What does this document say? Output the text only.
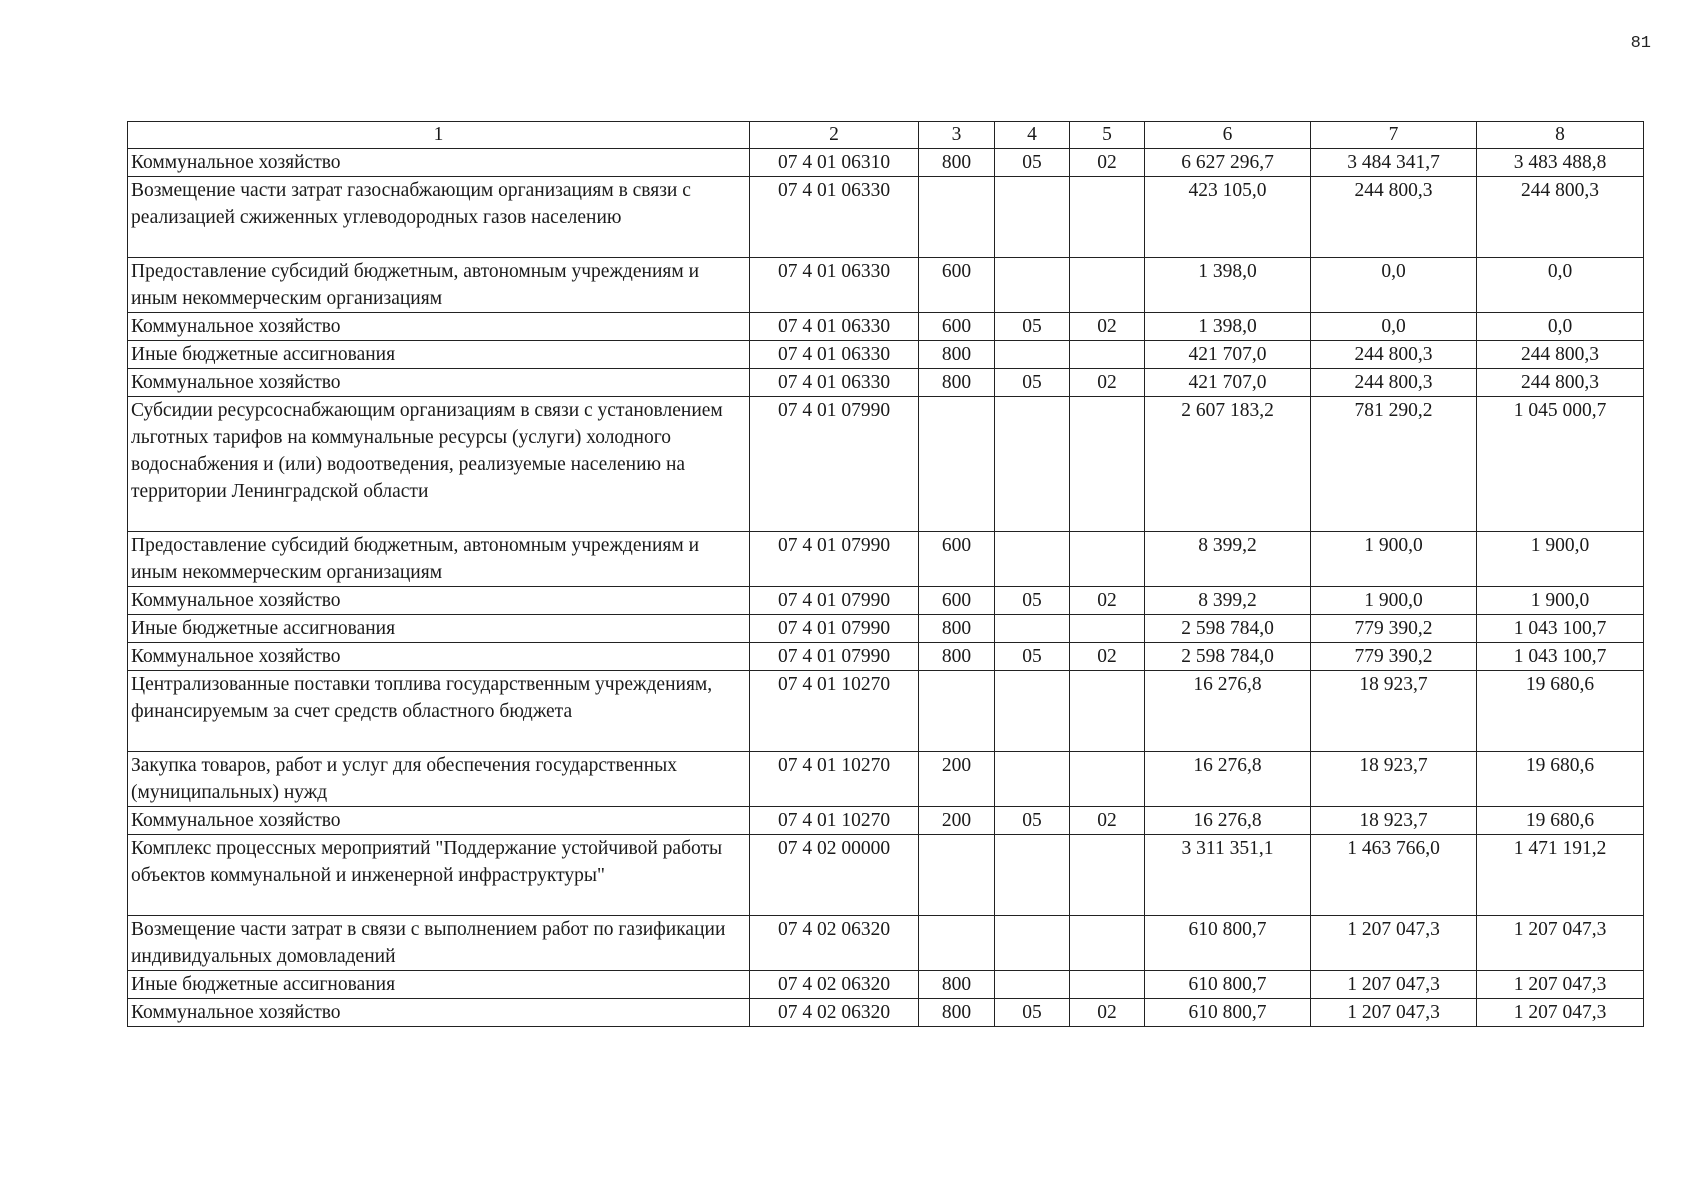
81
1	2	3	4	5	6	7	8
Коммунальное хозяйство	07 4 01 06310	800	05	02	6 627 296,7	3 484 341,7	3 483 488,8
Возмещение части затрат газоснабжающим организациям в связи с реализацией сжиженных углеводородных газов населению	07 4 01 06330				423 105,0	244 800,3	244 800,3
Предоставление субсидий бюджетным, автономным учреждениям и иным некоммерческим организациям	07 4 01 06330	600			1 398,0	0,0	0,0
Коммунальное хозяйство	07 4 01 06330	600	05	02	1 398,0	0,0	0,0
Иные бюджетные ассигнования	07 4 01 06330	800			421 707,0	244 800,3	244 800,3
Коммунальное хозяйство	07 4 01 06330	800	05	02	421 707,0	244 800,3	244 800,3
Субсидии ресурсоснабжающим организациям в связи с установлением льготных тарифов на коммунальные ресурсы (услуги) холодного водоснабжения и (или) водоотведения, реализуемые населению на территории Ленинградской области	07 4 01 07990				2 607 183,2	781 290,2	1 045 000,7
Предоставление субсидий бюджетным, автономным учреждениям и иным некоммерческим организациям	07 4 01 07990	600			8 399,2	1 900,0	1 900,0
Коммунальное хозяйство	07 4 01 07990	600	05	02	8 399,2	1 900,0	1 900,0
Иные бюджетные ассигнования	07 4 01 07990	800			2 598 784,0	779 390,2	1 043 100,7
Коммунальное хозяйство	07 4 01 07990	800	05	02	2 598 784,0	779 390,2	1 043 100,7
Централизованные поставки топлива государственным учреждениям, финансируемым за счет средств областного бюджета	07 4 01 10270				16 276,8	18 923,7	19 680,6
Закупка товаров, работ и услуг для обеспечения государственных (муниципальных) нужд	07 4 01 10270	200			16 276,8	18 923,7	19 680,6
Коммунальное хозяйство	07 4 01 10270	200	05	02	16 276,8	18 923,7	19 680,6
Комплекс процессных мероприятий "Поддержание устойчивой работы объектов коммунальной и инженерной инфраструктуры"	07 4 02 00000				3 311 351,1	1 463 766,0	1 471 191,2
Возмещение части затрат в связи с выполнением работ по газификации индивидуальных домовладений	07 4 02 06320				610 800,7	1 207 047,3	1 207 047,3
Иные бюджетные ассигнования	07 4 02 06320	800			610 800,7	1 207 047,3	1 207 047,3
Коммунальное хозяйство	07 4 02 06320	800	05	02	610 800,7	1 207 047,3	1 207 047,3
